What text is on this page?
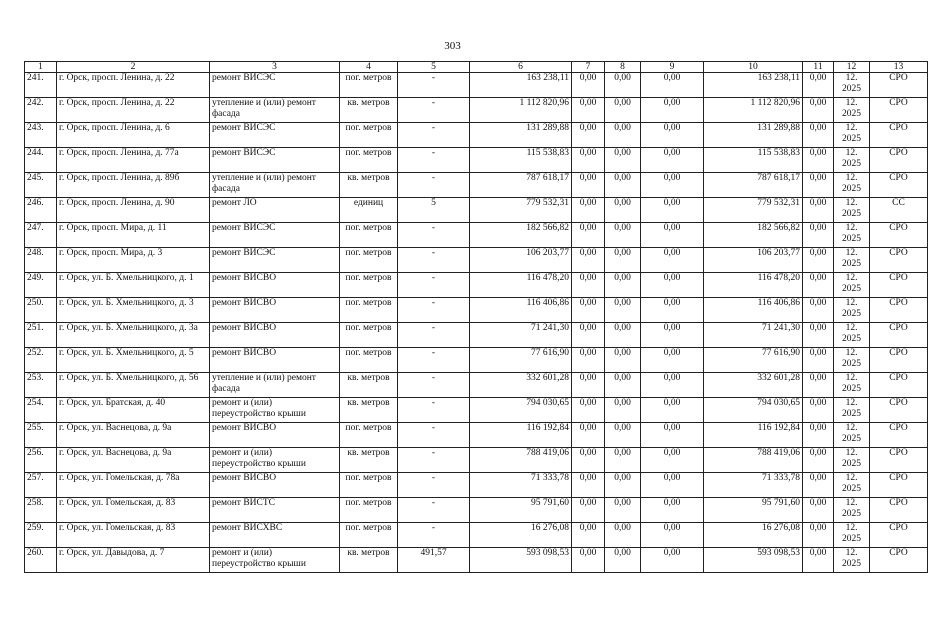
303
1	2	3	4	5	6	7	8	9	10	11	12	13
241.	г. Орск, просп. Ленина, д. 22	ремонт ВИСЭС	пог. метров	-	163 238,11	0,00	0,00	0,00	163 238,11	0,00	12. 2025	СРО
242.	г. Орск, просп. Ленина, д. 22	утепление и (или) ремонт фасада	кв. метров	-	1 112 820,96	0,00	0,00	0,00	1 112 820,96	0,00	12. 2025	СРО
243.	г. Орск, просп. Ленина, д. 6	ремонт ВИСЭС	пог. метров	-	131 289,88	0,00	0,00	0,00	131 289,88	0,00	12. 2025	СРО
244.	г. Орск, просп. Ленина, д. 77а	ремонт ВИСЭС	пог. метров	-	115 538,83	0,00	0,00	0,00	115 538,83	0,00	12. 2025	СРО
245.	г. Орск, просп. Ленина, д. 89б	утепление и (или) ремонт фасада	кв. метров	-	787 618,17	0,00	0,00	0,00	787 618,17	0,00	12. 2025	СРО
246.	г. Орск, просп. Ленина, д. 90	ремонт ЛО	единиц	5	779 532,31	0,00	0,00	0,00	779 532,31	0,00	12. 2025	СС
247.	г. Орск, просп. Мира, д. 11	ремонт ВИСЭС	пог. метров	-	182 566,82	0,00	0,00	0,00	182 566,82	0,00	12. 2025	СРО
248.	г. Орск, просп. Мира, д. 3	ремонт ВИСЭС	пог. метров	-	106 203,77	0,00	0,00	0,00	106 203,77	0,00	12. 2025	СРО
249.	г. Орск, ул. Б. Хмельницкого, д. 1	ремонт ВИСВО	пог. метров	-	116 478,20	0,00	0,00	0,00	116 478,20	0,00	12. 2025	СРО
250.	г. Орск, ул. Б. Хмельницкого, д. 3	ремонт ВИСВО	пог. метров	-	116 406,86	0,00	0,00	0,00	116 406,86	0,00	12. 2025	СРО
251.	г. Орск, ул. Б. Хмельницкого, д. 3а	ремонт ВИСВО	пог. метров	-	71 241,30	0,00	0,00	0,00	71 241,30	0,00	12. 2025	СРО
252.	г. Орск, ул. Б. Хмельницкого, д. 5	ремонт ВИСВО	пог. метров	-	77 616,90	0,00	0,00	0,00	77 616,90	0,00	12. 2025	СРО
253.	г. Орск, ул. Б. Хмельницкого, д. 56	утепление и (или) ремонт фасада	кв. метров	-	332 601,28	0,00	0,00	0,00	332 601,28	0,00	12. 2025	СРО
254.	г. Орск, ул. Братская, д. 40	ремонт и (или) переустройство крыши	кв. метров	-	794 030,65	0,00	0,00	0,00	794 030,65	0,00	12. 2025	СРО
255.	г. Орск, ул. Васнецова, д. 9а	ремонт ВИСВО	пог. метров	-	116 192,84	0,00	0,00	0,00	116 192,84	0,00	12. 2025	СРО
256.	г. Орск, ул. Васнецова, д. 9а	ремонт и (или) переустройство крыши	кв. метров	-	788 419,06	0,00	0,00	0,00	788 419,06	0,00	12. 2025	СРО
257.	г. Орск, ул. Гомельская, д. 78а	ремонт ВИСВО	пог. метров	-	71 333,78	0,00	0,00	0,00	71 333,78	0,00	12. 2025	СРО
258.	г. Орск, ул. Гомельская, д. 83	ремонт ВИСТС	пог. метров	-	95 791,60	0,00	0,00	0,00	95 791,60	0,00	12. 2025	СРО
259.	г. Орск, ул. Гомельская, д. 83	ремонт ВИСХВС	пог. метров	-	16 276,08	0,00	0,00	0,00	16 276,08	0,00	12. 2025	СРО
260.	г. Орск, ул. Давыдова, д. 7	ремонт и (или) переустройство крыши	кв. метров	491,57	593 098,53	0,00	0,00	0,00	593 098,53	0,00	12. 2025	СРО
